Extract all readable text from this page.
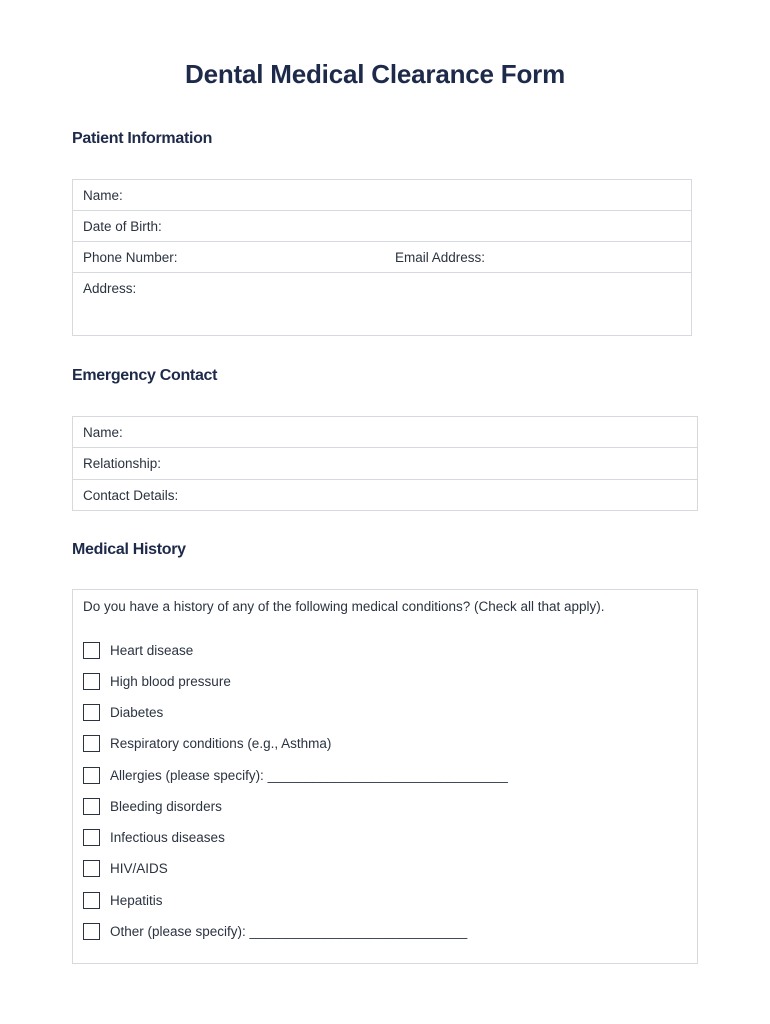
Dental Medical Clearance Form
Patient Information
Name:
Date of Birth:
Phone Number:	Email Address:
Address:
Emergency Contact
Name:
Relationship:
Contact Details:
Medical History
Do you have a history of any of the following medical conditions? (Check all that apply).
Heart disease
High blood pressure
Diabetes
Respiratory conditions (e.g., Asthma)
Allergies (please specify): ________________________________
Bleeding disorders
Infectious diseases
HIV/AIDS
Hepatitis
Other (please specify): _____________________________
